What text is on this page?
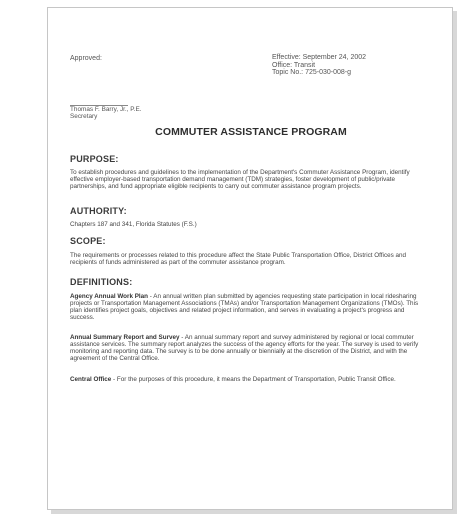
Approved:	Effective: September 24, 2002
Office: Transit
Topic No.: 725-030-008-g
Thomas F. Barry, Jr., P.E.
Secretary
COMMUTER ASSISTANCE PROGRAM
PURPOSE:
To establish procedures and guidelines to the implementation of the Department's Commuter Assistance Program, identify effective employer-based transportation demand management (TDM) strategies, foster development of public/private partnerships, and fund appropriate eligible recipients to carry out commuter assistance program projects.
AUTHORITY:
Chapters 187 and 341, Florida Statutes (F.S.)
SCOPE:
The requirements or processes related to this procedure affect the State Public Transportation Office, District Offices and recipients of funds administered as part of the commuter assistance program.
DEFINITIONS:
Agency Annual Work Plan - An annual written plan submitted by agencies requesting state participation in local ridesharing projects or Transportation Management Associations (TMAs) and/or Transportation Management Organizations (TMOs). This plan identifies project goals, objectives and related project information, and serves in evaluating a project's progress and success.
Annual Summary Report and Survey - An annual summary report and survey administered by regional or local commuter assistance services. The summary report analyzes the success of the agency efforts for the year. The survey is used to verify monitoring and reporting data. The survey is to be done annually or biennially at the discretion of the District, and with the agreement of the Central Office.
Central Office - For the purposes of this procedure, it means the Department of Transportation, Public Transit Office.
